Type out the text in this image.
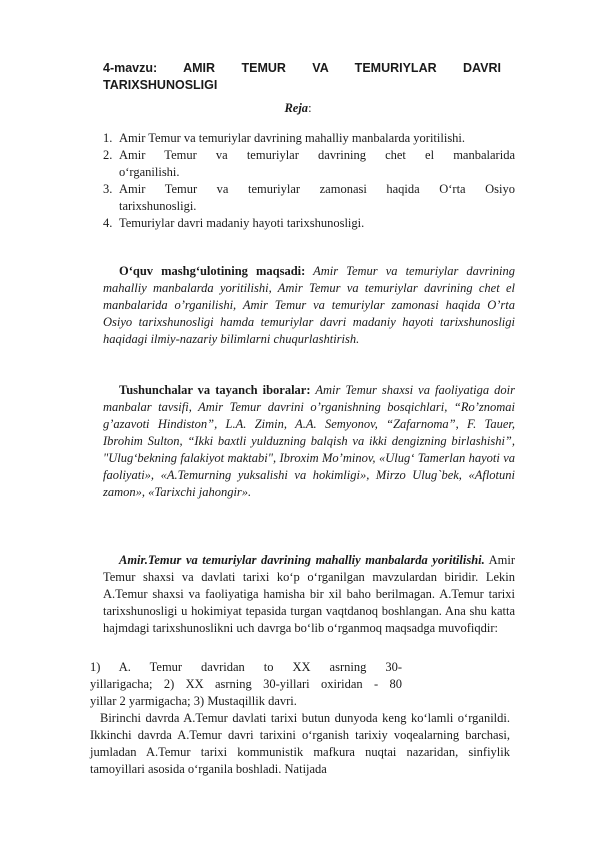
4-mavzu: AMIR TEMUR VA TEMURIYLAR DAVRI
TARIXSHUNOSLIGI
Reja:
1. Amir Temur va temuriylar davrining mahalliy manbalarda yoritilishi.
2. Amir Temur va temuriylar davrining chet el manbalarida
o‘rganilishi.
3. Amir Temur va temuriylar zamonasi haqida O‘rta Osiyo
tarixshunosligi.
4. Temuriylar davri madaniy hayoti tarixshunosligi.

O‘quv mashg‘ulotining maqsadi: Amir Temur va temuriylar davrining mahalliy manbalarda yoritilishi, Amir Temur va temuriylar davrining chet el manbalarida o’rganilishi, Amir Temur va temuriylar zamonasi haqida O’rta Osiyo tarixshunosligi hamda temuriylar davri madaniy hayoti tarixshunosligi haqidagi ilmiy-nazariy bilimlarni chuqurlashtirish.

Tushunchalar va tayanch iboralar: Amir Temur shaxsi va faoliyatiga doir manbalar tavsifi, Amir Temur davrini o’rganishning bosqichlari, “Ro’znomai g’azavoti Hindiston”, L.A. Zimin, A.A. Semyonov, “Zafarnoma”, F. Tauer, Ibrohim Sulton, “Ikki baxtli yulduzning balqish va ikki dengizning birlashishi”, "Ulug‘bekning falakiyot maktabi", Ibroxim Mo’minov, «Ulug‘ Tamerlan hayoti va faoliyati», «A.Temurning yuksalishi va hokimligi», Mirzo Ulug`bek, «Aflotuni zamon», «Tarixchi jahongir».

Amir.Temur va temuriylar davrining mahalliy manbalarda yoritilishi. Amir Temur shaxsi va davlati tarixi ko‘p o‘rganilgan mavzulardan biridir. Lekin A.Temur shaxsi va faoliyatiga hamisha bir xil baho berilmagan. A.Temur tarixi tarixshunosligi u hokimiyat tepasida turgan vaqtdanoq boshlangan. Ana shu katta hajmdagi tarixshunoslikni uch davrga bo‘lib o‘rganmoq maqsadga muvofiqdir:

1) A. Temur davridan to XX asrning 30-
yillarigacha; 2) XX asrning 30-yillari oxiridan - 80
yillar 2 yarmigacha; 3) Mustaqillik davri.

Birinchi davrda A.Temur davlati tarixi butun dunyoda keng ko‘lamli o‘rganildi. Ikkinchi davrda A.Temur davri tarixini o‘rganish tarixiy voqealarning barchasi, jumladan A.Temur tarixi kommunistik mafkura nuqtai nazaridan, sinfiylik tamoyillari asosida o‘rganila boshladi. Natijada
